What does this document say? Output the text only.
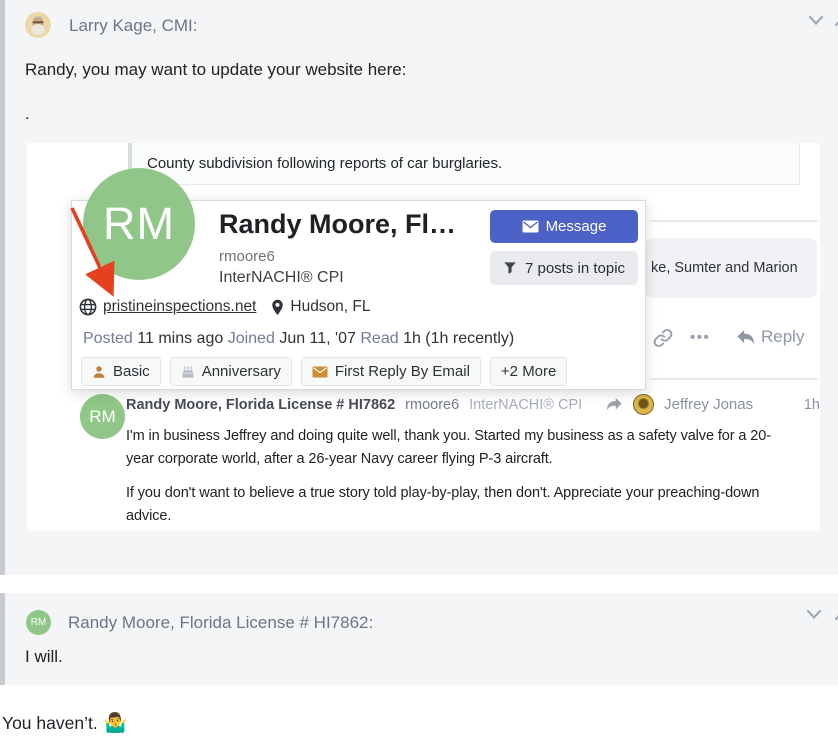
Larry Kage, CMI:
Randy, you may want to update your website here:
.
County subdivision following reports of car burglaries.
ke, Sumter and Marion
•••	Reply
RM
Randy Moore, Florida License # HI7862 rmoore6 InterNACHI® CPI	Jeffrey Jonas	1h
I'm in business Jeffrey and doing quite well, thank you. Started my business as a safety valve for a 20-
year corporate world, after a 26-year Navy career flying P-3 aircraft.
If you don't want to believe a true story told play-by-play, then don't. Appreciate your preaching-down
advice.
Randy Moore, Fl…
rmoore6
InterNACHI® CPI
Message
7 posts in topic
pristineinspections.net Hudson, FL
Posted 11 mins ago Joined Jun 11, '07 Read 1h (1h recently)
Basic	Anniversary	First Reply By Email +2 More
RM
RM Randy Moore, Florida License # HI7862:
I will.
You haven’t. 🤷‍♂️
